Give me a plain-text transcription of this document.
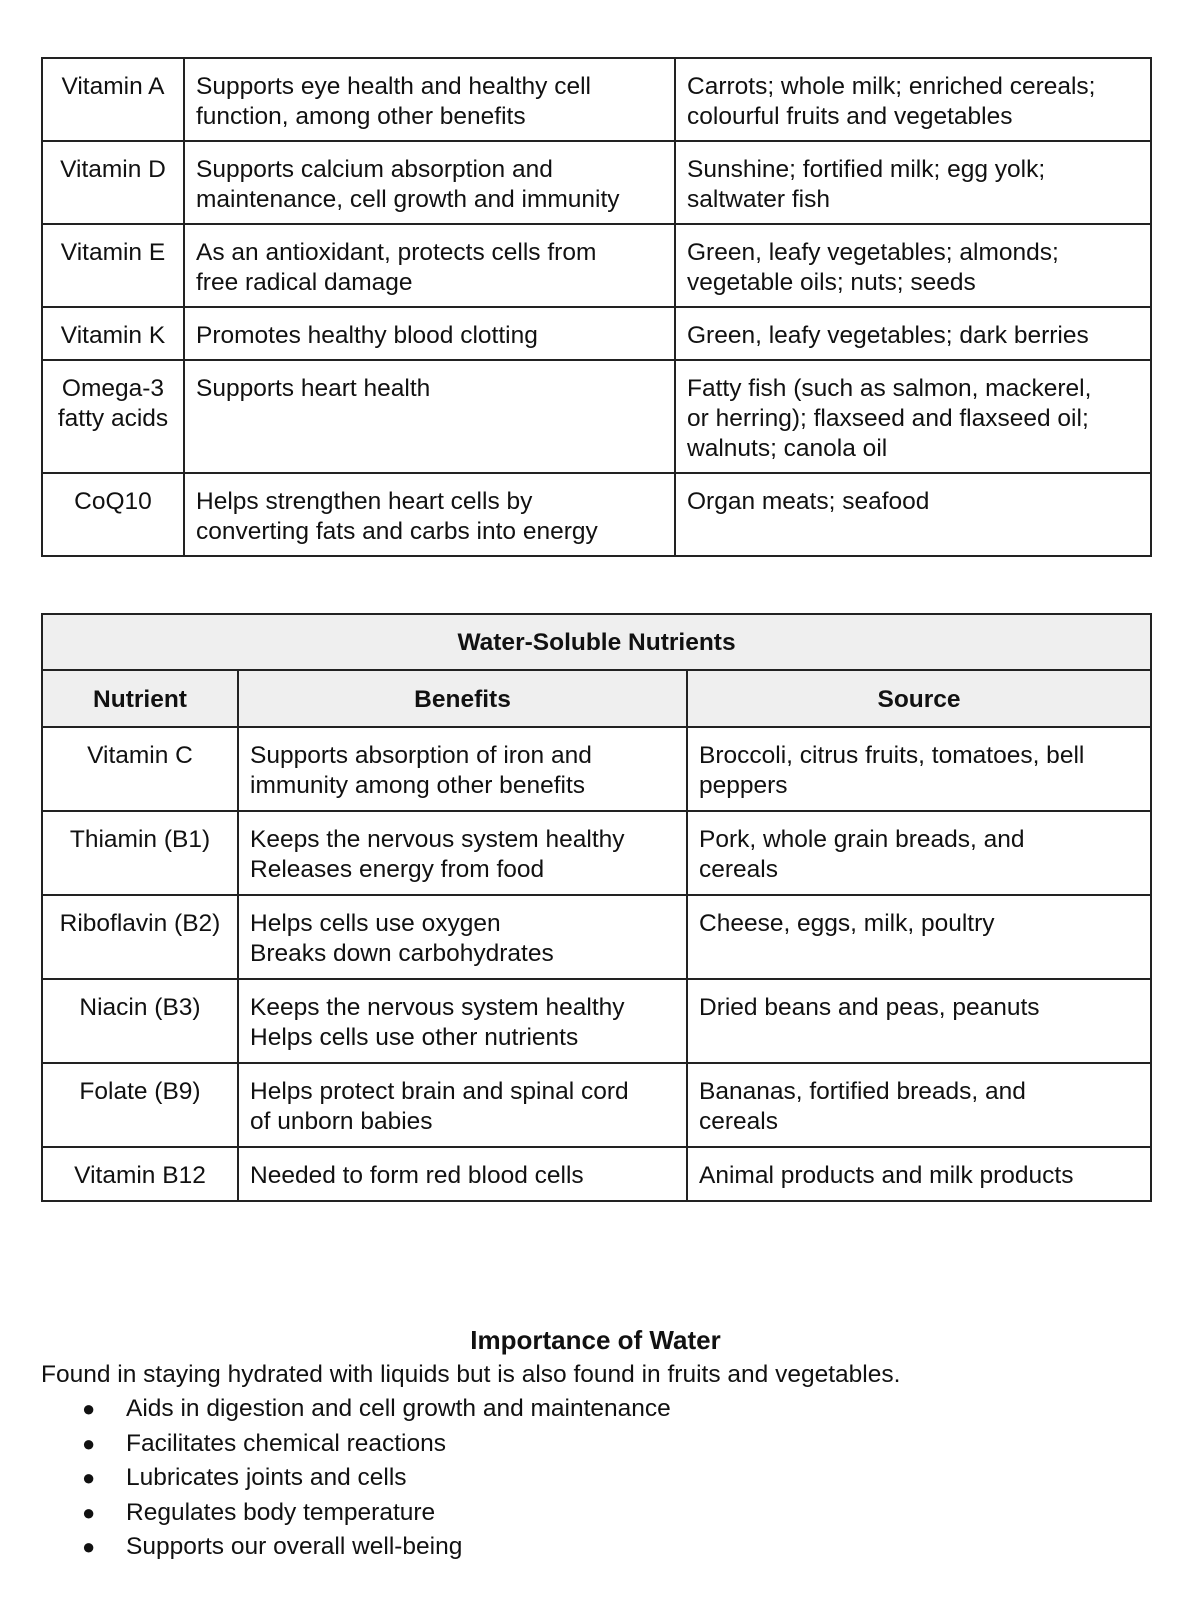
Vitamin A	Supports eye health and healthy cell
function, among other benefits	Carrots; whole milk; enriched cereals;
colourful fruits and vegetables
Vitamin D	Supports calcium absorption and
maintenance, cell growth and immunity	Sunshine; fortified milk; egg yolk;
saltwater fish
Vitamin E	As an antioxidant, protects cells from
free radical damage	Green, leafy vegetables; almonds;
vegetable oils; nuts; seeds
Vitamin K	Promotes healthy blood clotting	Green, leafy vegetables; dark berries
Omega-3
fatty acids	Supports heart health	Fatty fish (such as salmon, mackerel,
or herring); flaxseed and flaxseed oil;
walnuts; canola oil
CoQ10	Helps strengthen heart cells by
converting fats and carbs into energy	Organ meats; seafood
Water-Soluble Nutrients		
Nutrient	Benefits	Source
Vitamin C	Supports absorption of iron and
immunity among other benefits	Broccoli, citrus fruits, tomatoes, bell
peppers
Thiamin (B1)	Keeps the nervous system healthy
Releases energy from food	Pork, whole grain breads, and
cereals
Riboflavin (B2)	Helps cells use oxygen
Breaks down carbohydrates	Cheese, eggs, milk, poultry
Niacin (B3)	Keeps the nervous system healthy
Helps cells use other nutrients	Dried beans and peas, peanuts
Folate (B9)	Helps protect brain and spinal cord
of unborn babies	Bananas, fortified breads, and
cereals
Vitamin B12	Needed to form red blood cells	Animal products and milk products
Importance of Water

Found in staying hydrated with liquids but is also found in fruits and vegetables.

● Aids in digestion and cell growth and maintenance
● Facilitates chemical reactions
● Lubricates joints and cells
● Regulates body temperature
● Supports our overall well-being
